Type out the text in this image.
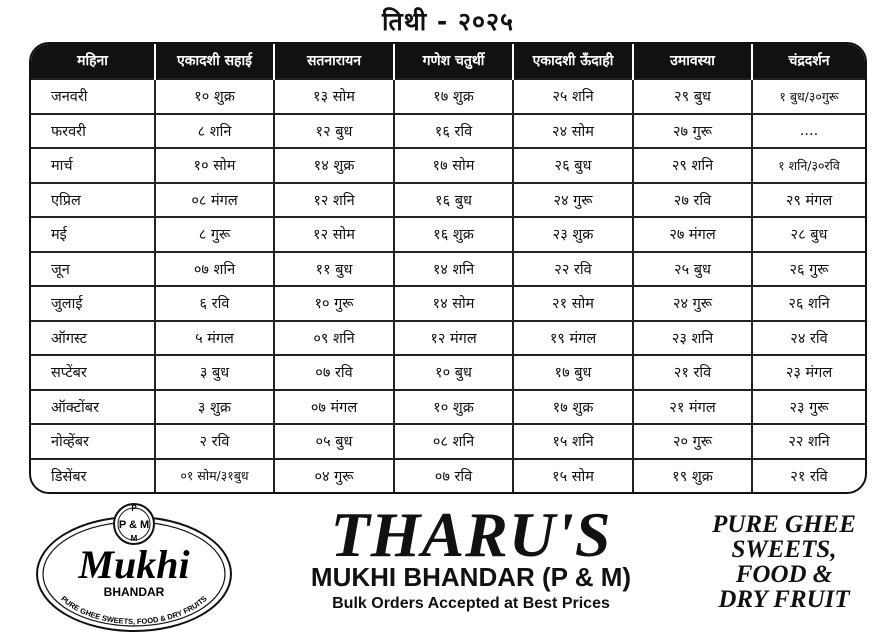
तिथी - २०२५
महिना	एकादशी सहाई	सतनारायन	गणेश चतुर्थी	एकादशी ऊँदाही	उमावस्या	चंद्रदर्शन
जनवरी	१० शुक्र	१३ सोम	१७ शुक्र	२५ शनि	२९ बुध	१ बुध/३०गुरू
फरवरी	८ शनि	१२ बुध	१६ रवि	२४ सोम	२७ गुरू	....
मार्च	१० सोम	१४ शुक्र	१७ सोम	२६ बुध	२९ शनि	१ शनि/३०रवि
एप्रिल	०८ मंगल	१२ शनि	१६ बुध	२४ गुरू	२७ रवि	२९ मंगल
मई	८ गुरू	१२ सोम	१६ शुक्र	२३ शुक्र	२७ मंगल	२८ बुध
जून	०७ शनि	११ बुध	१४ शनि	२२ रवि	२५ बुध	२६ गुरू
जुलाई	६ रवि	१० गुरू	१४ सोम	२१ सोम	२४ गुरू	२६ शनि
ऑगस्ट	५ मंगल	०९ शनि	१२ मंगल	१९ मंगल	२३ शनि	२४ रवि
सप्टेंबर	३ बुध	०७ रवि	१० बुध	१७ बुध	२१ रवि	२३ मंगल
ऑक्टोंबर	३ शुक्र	०७ मंगल	१० शुक्र	१७ शुक्र	२१ मंगल	२३ गुरू
नोव्हेंबर	२ रवि	०५ बुध	०८ शनि	१५ शनि	२० गुरू	२२ शनि
डिसेंबर	०१ सोम/३१बुध	०४ गुरू	०७ रवि	१५ सोम	१९ शुक्र	२१ रवि
P
M
P & M
Mukhi
BHANDAR
PURE GHEE SWEETS, FOOD & DRY FRUITS
THARU'S
MUKHI BHANDAR (P & M)
Bulk Orders Accepted at Best Prices
PURE GHEE
SWEETS,
FOOD &
DRY FRUIT
